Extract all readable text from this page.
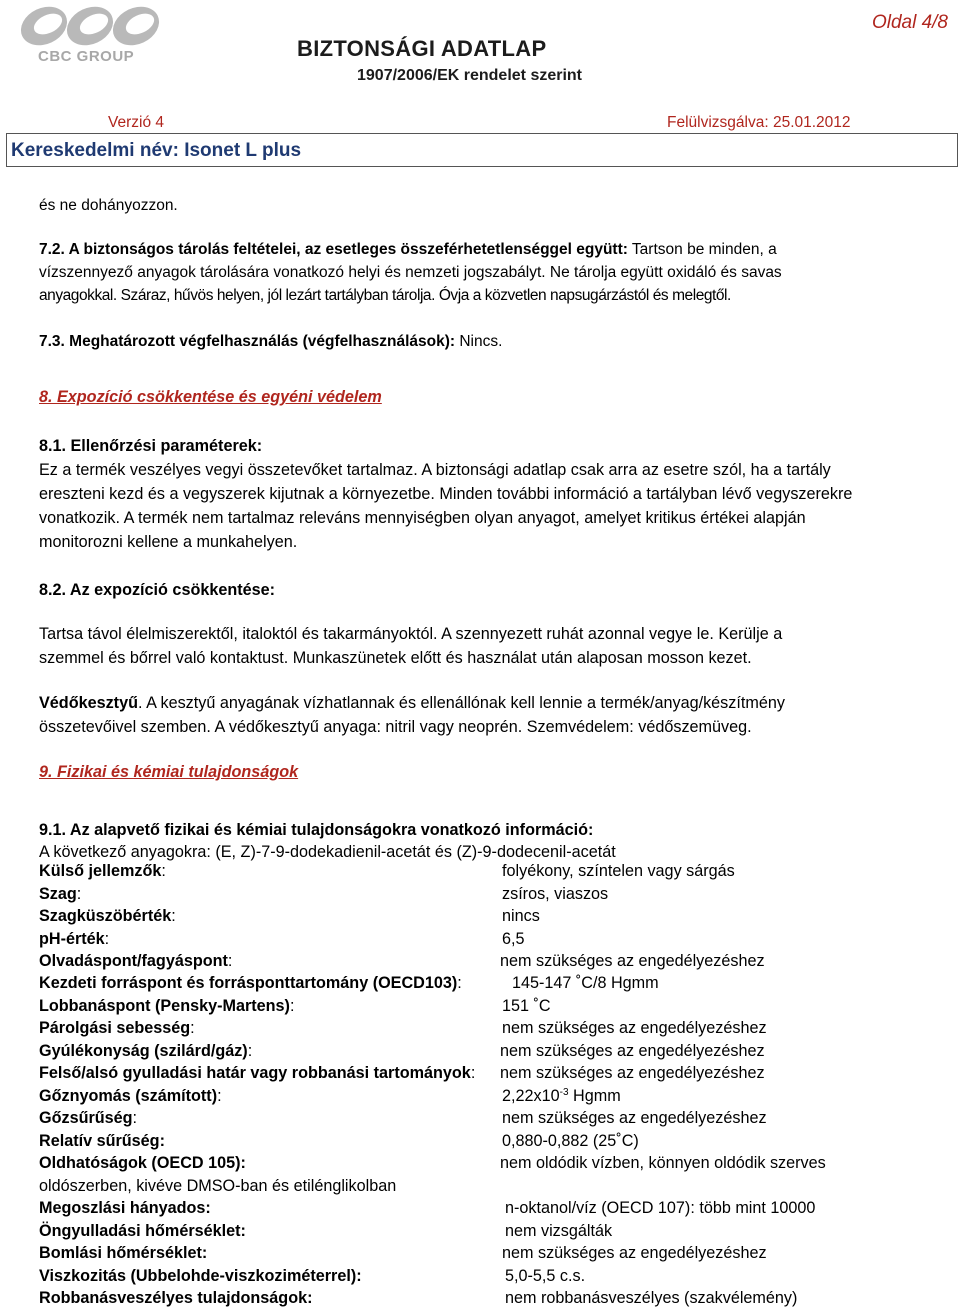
CBC GROUP
Oldal 4/8
BIZTONSÁGI ADATLAP
1907/2006/EK rendelet szerint
Verzió 4	Felülvizsgálva: 25.01.2012
Kereskedelmi név: Isonet L plus
és ne dohányozzon.
7.2. A biztonságos tárolás feltételei, az esetleges összeférhetetlenséggel együtt: Tartson be minden, a
vízszennyező anyagok tárolására vonatkozó helyi és nemzeti jogszabályt. Ne tárolja együtt oxidáló és savas
anyagokkal. Száraz, hűvös helyen, jól lezárt tartályban tárolja. Óvja a közvetlen napsugárzástól és melegtől.
7.3. Meghatározott végfelhasználás (végfelhasználások): Nincs.
8. Expozíció csökkentése és egyéni védelem
8.1. Ellenőrzési paraméterek:
Ez a termék veszélyes vegyi összetevőket tartalmaz. A biztonsági adatlap csak arra az esetre szól, ha a tartály
ereszteni kezd és a vegyszerek kijutnak a környezetbe. Minden további információ a tartályban lévő vegyszerekre
vonatkozik. A termék nem tartalmaz releváns mennyiségben olyan anyagot, amelyet kritikus értékei alapján
monitorozni kellene a munkahelyen.
8.2. Az expozíció csökkentése:
Tartsa távol élelmiszerektől, italoktól és takarmányoktól. A szennyezett ruhát azonnal vegye le. Kerülje a
szemmel és bőrrel való kontaktust. Munkaszünetek előtt és használat után alaposan mosson kezet.
Védőkesztyű. A kesztyű anyagának vízhatlannak és ellenállónak kell lennie a termék/anyag/készítmény
összetevőivel szemben. A védőkesztyű anyaga: nitril vagy neoprén. Szemvédelem: védőszemüveg.
9. Fizikai és kémiai tulajdonságok
9.1. Az alapvető fizikai és kémiai tulajdonságokra vonatkozó információ:
A következő anyagokra: (E, Z)-7-9-dodekadienil-acetát és (Z)-9-dodecenil-acetát
Külső jellemzők:	folyékony, színtelen vagy sárgás
Szag:	zsíros, viaszos
Szagküszöbérték:	nincs
pH-érték:	6,5
Olvadáspont/fagyáspont:	nem szükséges az engedélyezéshez
Kezdeti forráspont és forrásponttartomány (OECD103):	145-147 ˚C/8 Hgmm
Lobbanáspont (Pensky-Martens):	151 ˚C
Párolgási sebesség:	nem szükséges az engedélyezéshez
Gyúlékonyság (szilárd/gáz):	nem szükséges az engedélyezéshez
Felső/alsó gyulladási határ vagy robbanási tartományok: nem szükséges az engedélyezéshez
Gőznyomás (számított):	$2,22x10^{-3}$ Hgmm
Gőzsűrűség:	nem szükséges az engedélyezéshez
Relatív sűrűség:	0,880-0,882 (25˚C)
Oldhatóságok (OECD 105):	nem oldódik vízben, könnyen oldódik szerves
oldószerben, kivéve DMSO-ban és etilénglikolban
Megoszlási hányados:	n-oktanol/víz (OECD 107): több mint 10000
Öngyulladási hőmérséklet:	nem vizsgálták
Bomlási hőmérséklet:	nem szükséges az engedélyezéshez
Viszkozitás (Ubbelohde-viszkoziméterrel):	5,0-5,5 c.s.
Robbanásveszélyes tulajdonságok:	nem robbanásveszélyes (szakvélemény)
